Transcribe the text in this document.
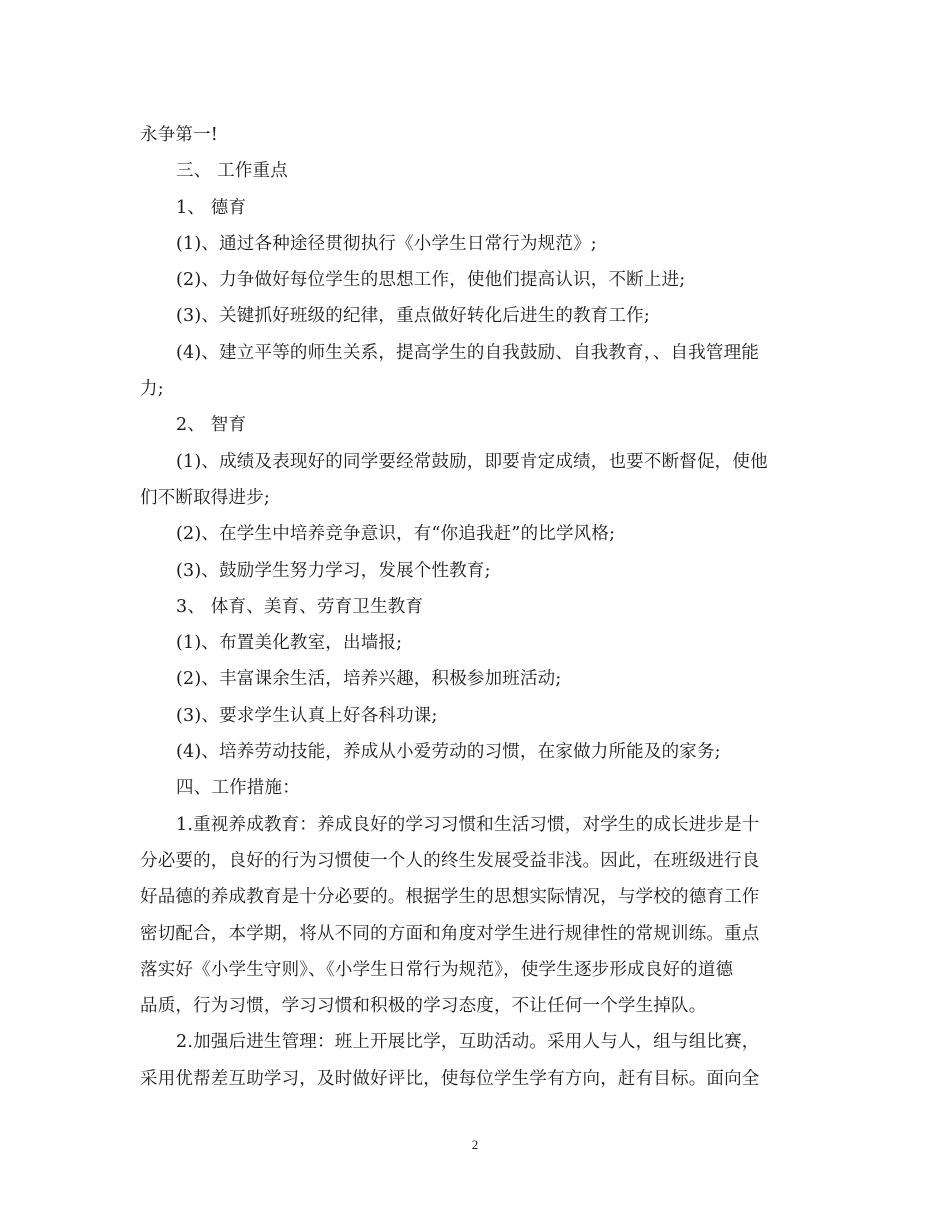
永争第一!
三、 工作重点
1、 德育
(1)、通过各种途径贯彻执行《小学生日常行为规范》;
(2)、力争做好每位学生的思想工作，使他们提高认识，不断上进;
(3)、关键抓好班级的纪律，重点做好转化后进生的教育工作;
(4)、建立平等的师生关系，提高学生的自我鼓励、自我教育，、自我管理能
力;
2、 智育
(1)、成绩及表现好的同学要经常鼓励，即要肯定成绩，也要不断督促，使他
们不断取得进步;
(2)、在学生中培养竞争意识，有“你追我赶”的比学风格;
(3)、鼓励学生努力学习，发展个性教育;
3、 体育、美育、劳育卫生教育
(1)、布置美化教室，出墙报;
(2)、丰富课余生活，培养兴趣，积极参加班活动;
(3)、要求学生认真上好各科功课;
(4)、培养劳动技能，养成从小爱劳动的习惯，在家做力所能及的家务;
四、工作措施：
1.重视养成教育：养成良好的学习习惯和生活习惯，对学生的成长进步是十
分必要的，良好的行为习惯使一个人的终生发展受益非浅。因此，在班级进行良
好品德的养成教育是十分必要的。根据学生的思想实际情况，与学校的德育工作
密切配合，本学期，将从不同的方面和角度对学生进行规律性的常规训练。重点
落实好《小学生守则》、《小学生日常行为规范》，使学生逐步形成良好的道德
品质，行为习惯，学习习惯和积极的学习态度，不让任何一个学生掉队。
2.加强后进生管理：班上开展比学，互助活动。采用人与人，组与组比赛，
采用优帮差互助学习，及时做好评比，使每位学生学有方向，赶有目标。面向全
2
